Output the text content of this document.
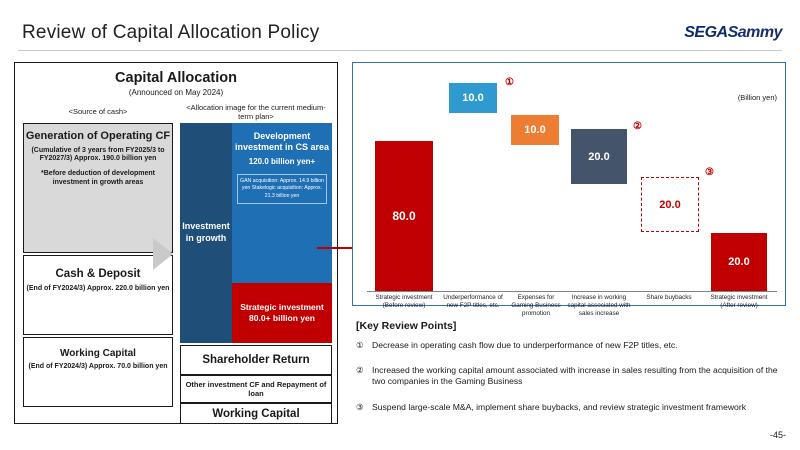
Review of Capital Allocation Policy	SEGASammy
Capital Allocation
(Announced on May 2024)
<Source of cash>	<Allocation image for the current medium-term plan>
Generation of Operating CF
(Cumulative of 3 years from FY2025/3 to FY2027/3) Approx. 190.0 billion yen
*Before deduction of development investment in growth areas
Cash & Deposit
(End of FY2024/3) Approx. 220.0 billion yen
Working Capital
(End of FY2024/3) Approx. 70.0 billion yen
Investment in growth
Development investment in CS area
120.0 billion yen+
GAN acquisition: Approx. 14.9 billion yen Stakelogic acquisition: Approx. 21.3 billion yen
Strategic investment
80.0+ billion yen
Shareholder Return
Other investment CF and Repayment of loan
Working Capital
(Billion yen)
80.0
10.0
10.0
20.0
20.0
20.0
①
②
③
Strategic investment (Before review)
Underperformance of new F2P titles, etc.
Expenses for Gaming Business promotion
Increase in working capital associated with sales increase
Share buybacks	Strategic investment (After review)
[Key Review Points]
① Decrease in operating cash flow due to underperformance of new F2P titles, etc.
② Increased the working capital amount associated with increase in sales resulting from the acquisition of the two companies in the Gaming Business
③ Suspend large-scale M&A, implement share buybacks, and review strategic investment framework
-45-
